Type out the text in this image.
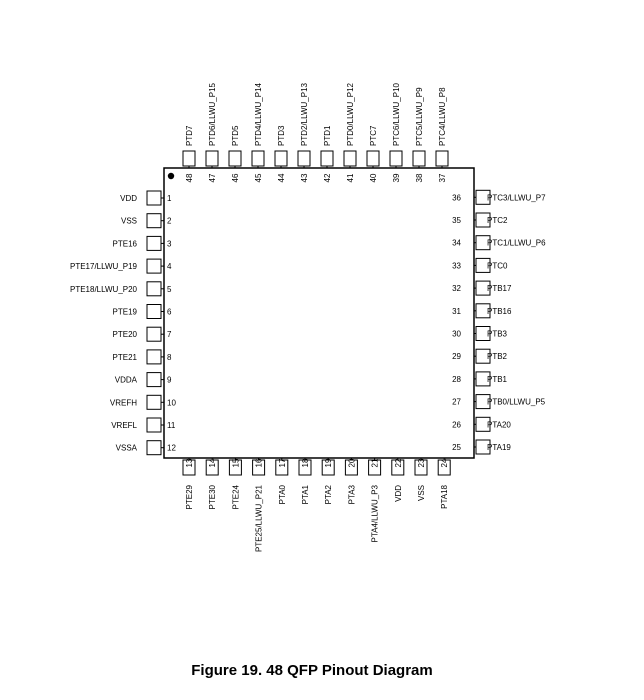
1
VDD
2
VSS
3
PTE16
4
PTE17/LLWU_P19
5
PTE18/LLWU_P20
6
PTE19
7
PTE20
8
PTE21
9
VDDA
10
VREFH
11
VREFL
12
VSSA	25	PTA19
26	PTA20
27	PTB0/LLWU_P5
28	PTB1
29	PTB2
30	PTB3
31	PTB16
32	PTB17
33	PTC0
34	PTC1/LLWU_P6
35	PTC2
36	PTC3/LLWU_P7
13
PTE29
14
PTE30
15
PTE24
16
PTE25/LLWU_P21
17
PTA0
18
PTA1
19
PTA2
20
PTA3
21
PTA4/LLWU_P3
22
VDD
23
VSS
24
PTA18
37
PTC4/LLWU_P8
38
PTC5/LLWU_P9
39
PTC6/LLWU_P10
40
PTC7
41
PTD0/LLWU_P12
42
PTD1
43
PTD2/LLWU_P13
44
PTD3
45
PTD4/LLWU_P14
46
PTD5
47
PTD6/LLWU_P15
48
PTD7
Figure 19. 48 QFP Pinout Diagram
